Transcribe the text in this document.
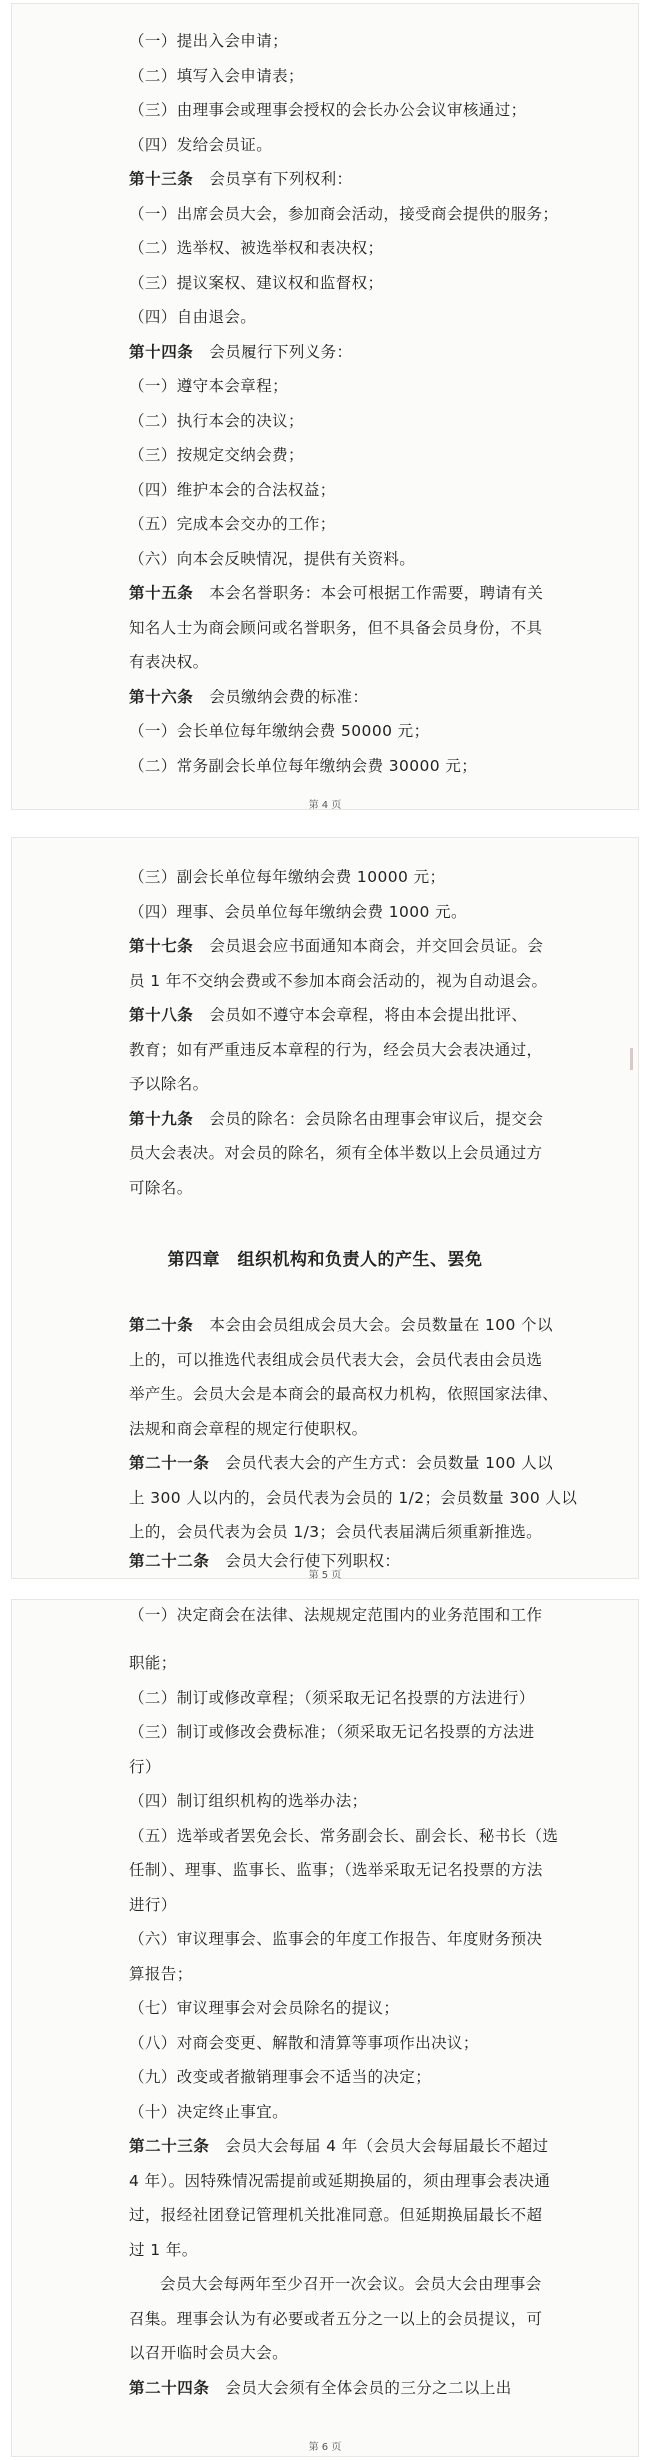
（一）提出入会申请；
（二）填写入会申请表；
（三）由理事会或理事会授权的会长办公会议审核通过；
（四）发给会员证。
第十三条　 会员享有下列权利：
（一）出席会员大会，参加商会活动，接受商会提供的服务；
（二）选举权、被选举权和表决权；
（三）提议案权、建议权和监督权；
（四）自由退会。
第十四条　 会员履行下列义务：
（一）遵守本会章程；
（二）执行本会的决议；
（三）按规定交纳会费；
（四）维护本会的合法权益；
（五）完成本会交办的工作；
（六）向本会反映情况，提供有关资料。
第十五条　 本会名誉职务：本会可根据工作需要，聘请有关
知名人士为商会顾问或名誉职务，但不具备会员身份，不具
有表决权。
第十六条　 会员缴纳会费的标准：
（一）会长单位每年缴纳会费 50000 元；
（二）常务副会长单位每年缴纳会费 30000 元；
第 4 页
（三）副会长单位每年缴纳会费 10000 元；
（四）理事、会员单位每年缴纳会费 1000 元。
第十七条　 会员退会应书面通知本商会，并交回会员证。会
员 1 年不交纳会费或不参加本商会活动的，视为自动退会。
第十八条　 会员如不遵守本会章程，将由本会提出批评、
教育；如有严重违反本章程的行为，经会员大会表决通过，
予以除名。
第十九条　 会员的除名：会员除名由理事会审议后，提交会
员大会表决。对会员的除名，须有全体半数以上会员通过方
可除名。
第四章　组织机构和负责人的产生、罢免
第二十条　 本会由会员组成会员大会。会员数量在 100 个以
上的，可以推选代表组成会员代表大会，会员代表由会员选
举产生。会员大会是本商会的最高权力机构，依照国家法律、
法规和商会章程的规定行使职权。
第二十一条　 会员代表大会的产生方式：会员数量 100 人以
上 300 人以内的，会员代表为会员的 1/2；会员数量 300 人以
上的，会员代表为会员 1/3；会员代表届满后须重新推选。
第二十二条　 会员大会行使下列职权：
第 5 页
（一）决定商会在法律、法规规定范围内的业务范围和工作
职能；
（二）制订或修改章程；（须采取无记名投票的方法进行）
（三）制订或修改会费标准；（须采取无记名投票的方法进
行）
（四）制订组织机构的选举办法；
（五）选举或者罢免会长、常务副会长、副会长、秘书长（选
任制）、理事、监事长、监事；（选举采取无记名投票的方法
进行）
（六）审议理事会、监事会的年度工作报告、年度财务预决
算报告；
（七）审议理事会对会员除名的提议；
（八）对商会变更、解散和清算等事项作出决议；
（九）改变或者撤销理事会不适当的决定；
（十）决定终止事宜。
第二十三条　 会员大会每届 4 年（会员大会每届最长不超过
4 年）。因特殊情况需提前或延期换届的，须由理事会表决通
过，报经社团登记管理机关批准同意。但延期换届最长不超
过 1 年。
会员大会每两年至少召开一次会议。会员大会由理事会
召集。理事会认为有必要或者五分之一以上的会员提议，可
以召开临时会员大会。
第二十四条　 会员大会须有全体会员的三分之二以上出
第 6 页
